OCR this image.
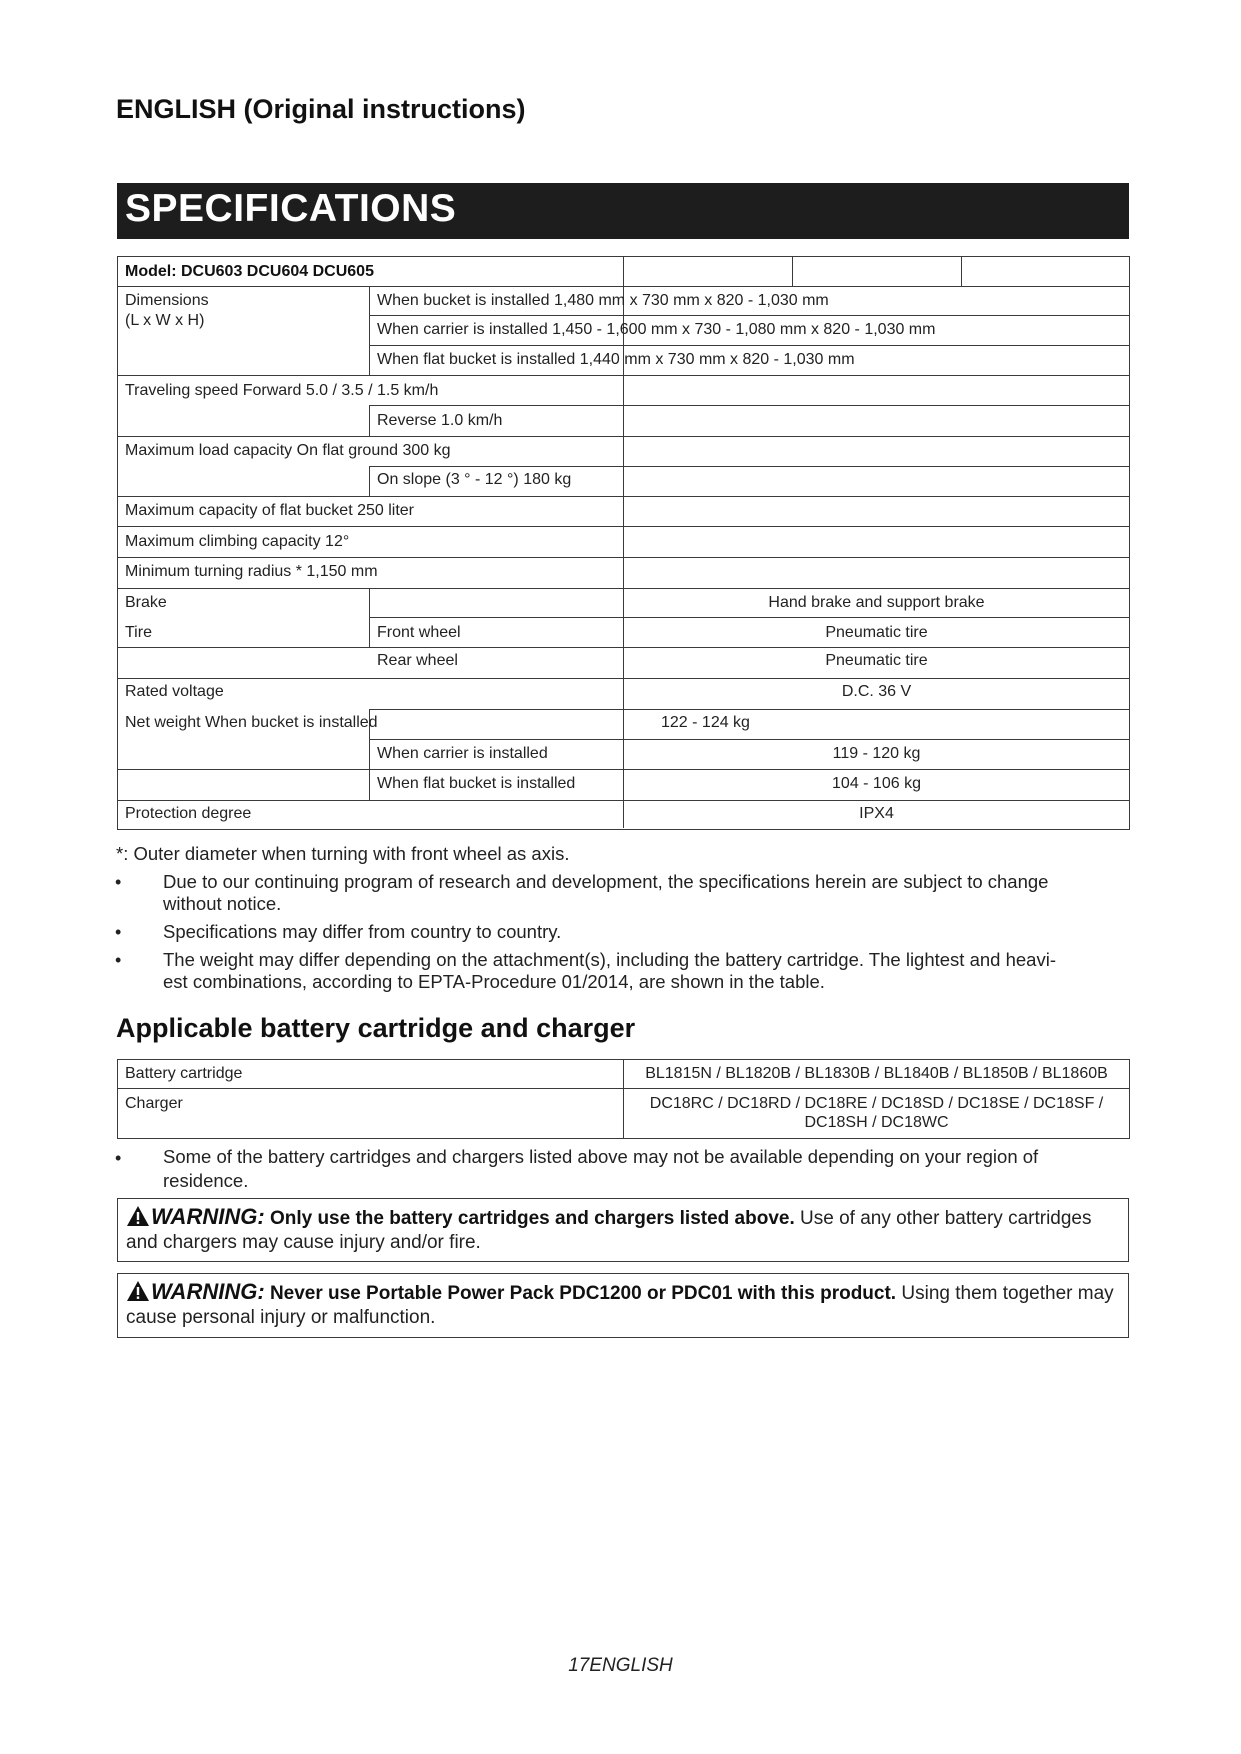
ENGLISH (Original instructions)
SPECIFICATIONS
Model: DCU603 DCU604 DCU605
Dimensions
(L x W x H)
When bucket is installed 1,480 mm x 730 mm x 820 - 1,030 mm
When carrier is installed 1,450 - 1,600 mm x 730 - 1,080 mm x 820 - 1,030 mm
When flat bucket is installed 1,440 mm x 730 mm x 820 - 1,030 mm
Traveling speed Forward 5.0 / 3.5 / 1.5 km/h
Reverse 1.0 km/h
Maximum load capacity On flat ground 300 kg
On slope (3 ° - 12 °) 180 kg
Maximum capacity of flat bucket 250 liter
Maximum climbing capacity 12°
Minimum turning radius * 1,150 mm
Brake	Hand brake and support brake
Tire	Front wheel	Pneumatic tire
Rear wheel	Pneumatic tire
Rated voltage	D.C. 36 V
Net weight When bucket is installed	122 - 124 kg
When carrier is installed	119 - 120 kg
When flat bucket is installed	104 - 106 kg
Protection degree	IPX4
*: Outer diameter when turning with front wheel as axis.
• Due to our continuing program of research and development, the specifications herein are subject to change
without notice.
• Specifications may differ from country to country.
• The weight may differ depending on the attachment(s), including the battery cartridge. The lightest and heavi-
est combinations, according to EPTA-Procedure 01/2014, are shown in the table.
Applicable battery cartridge and charger
Battery cartridge	BL1815N / BL1820B / BL1830B / BL1840B / BL1850B / BL1860B
Charger	DC18RC / DC18RD / DC18RE / DC18SD / DC18SE / DC18SF /
DC18SH / DC18WC
• Some of the battery cartridges and chargers listed above may not be available depending on your region of
residence.
WARNING: Only use the battery cartridges and chargers listed above. Use of any other battery cartridges and chargers may cause injury and/or fire.
WARNING: Never use Portable Power Pack PDC1200 or PDC01 with this product. Using them together may cause personal injury or malfunction.
17ENGLISH
